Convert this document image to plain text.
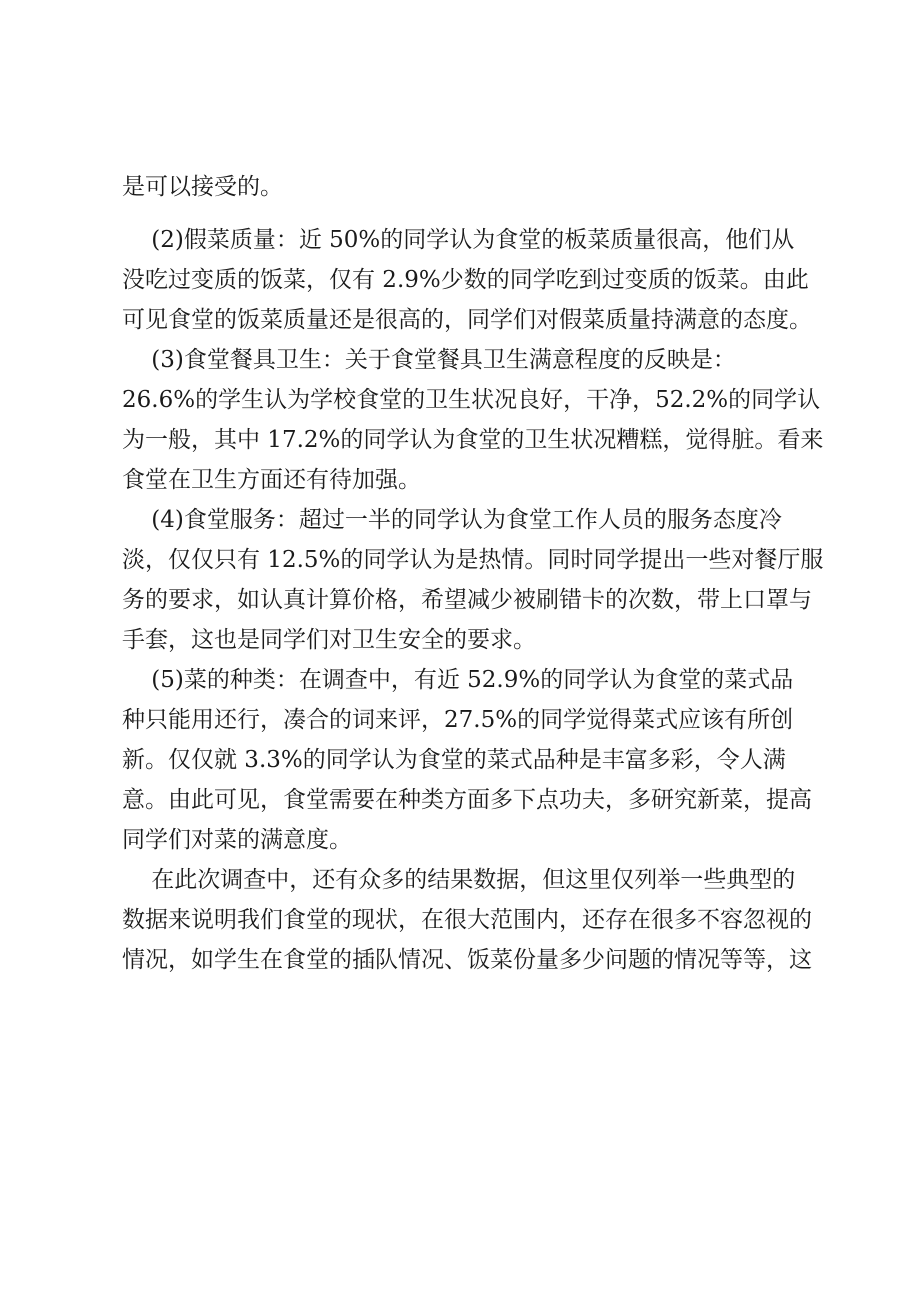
是可以接受的。
(2)假菜质量：近 50%的同学认为食堂的板菜质量很高，他们从
没吃过变质的饭菜，仅有 2.9%少数的同学吃到过变质的饭菜。由此
可见食堂的饭菜质量还是很高的，同学们对假菜质量持满意的态度。
(3)食堂餐具卫生：关于食堂餐具卫生满意程度的反映是：
26.6%的学生认为学校食堂的卫生状况良好，干净，52.2%的同学认
为一般，其中 17.2%的同学认为食堂的卫生状况糟糕，觉得脏。看来
食堂在卫生方面还有待加强。
(4)食堂服务：超过一半的同学认为食堂工作人员的服务态度冷
淡，仅仅只有 12.5%的同学认为是热情。同时同学提出一些对餐厅服
务的要求，如认真计算价格，希望减少被刷错卡的次数，带上口罩与
手套，这也是同学们对卫生安全的要求。
(5)菜的种类：在调查中，有近 52.9%的同学认为食堂的菜式品
种只能用还行，凑合的词来评，27.5%的同学觉得菜式应该有所创
新。仅仅就 3.3%的同学认为食堂的菜式品种是丰富多彩，令人满
意。由此可见，食堂需要在种类方面多下点功夫，多研究新菜，提高
同学们对菜的满意度。
在此次调查中，还有众多的结果数据，但这里仅列举一些典型的
数据来说明我们食堂的现状，在很大范围内，还存在很多不容忽视的
情况，如学生在食堂的插队情况、饭菜份量多少问题的情况等等，这
